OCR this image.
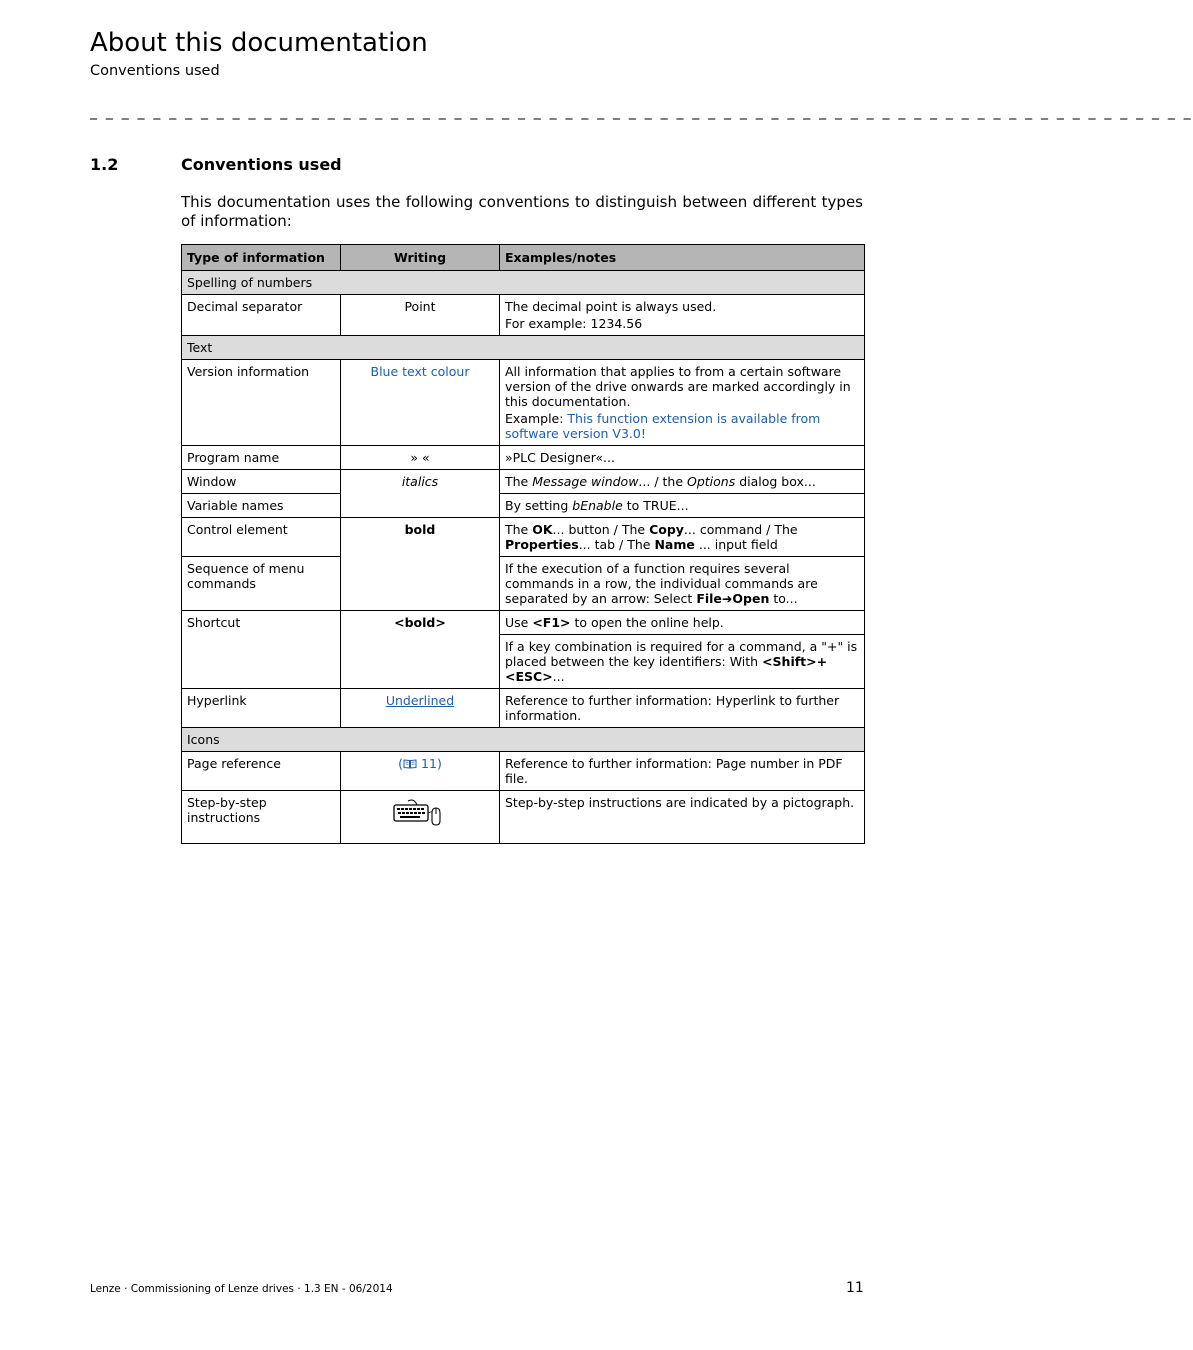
About this documentation
Conventions used
_ _ _ _ _ _ _ _ _ _ _ _ _ _ _ _ _ _ _ _ _ _ _ _ _ _ _ _ _ _ _ _ _ _ _ _ _ _ _ _ _ _ _ _ _ _ _ _ _ _ _ _ _ _ _ _ _ _ _ _ _ _ _ _ _ _ _ _ _ _
1.2	Conventions used
This documentation uses the following conventions to distinguish between different types of information:
Type of information	Writing	Examples/notes
Spelling of numbers		
Decimal separator	Point	The decimal point is always used.
For example: 1234.56

Text		
Version information	Blue text colour	All information that applies to from a certain software version of the drive onwards are marked accordingly in this documentation.
Example: This function extension is available from software version V3.0!

Program name	» «	»PLC Designer«...
Window	italics	The Message window... / the Options dialog box...
Variable names		By setting bEnable to TRUE...
Control element	bold	The OK... button / The Copy... command / The Properties... tab / The Name ... input field
Sequence of menu commands		If the execution of a function requires several commands in a row, the individual commands are separated by an arrow: Select File➜Open to...
Shortcut	<bold>	Use <F1> to open the online help.
		If a key combination is required for a command, a "+" is placed between the key identifiers: With <Shift>+<ESC>...
Hyperlink	Underlined	Reference to further information: Hyperlink to further information.
Icons		
Page reference	( 11)	Reference to further information: Page number in PDF file.
Step-by-step instructions		Step-by-step instructions are indicated by a pictograph.
Lenze · Commissioning of Lenze drives · 1.3 EN - 06/2014	11
